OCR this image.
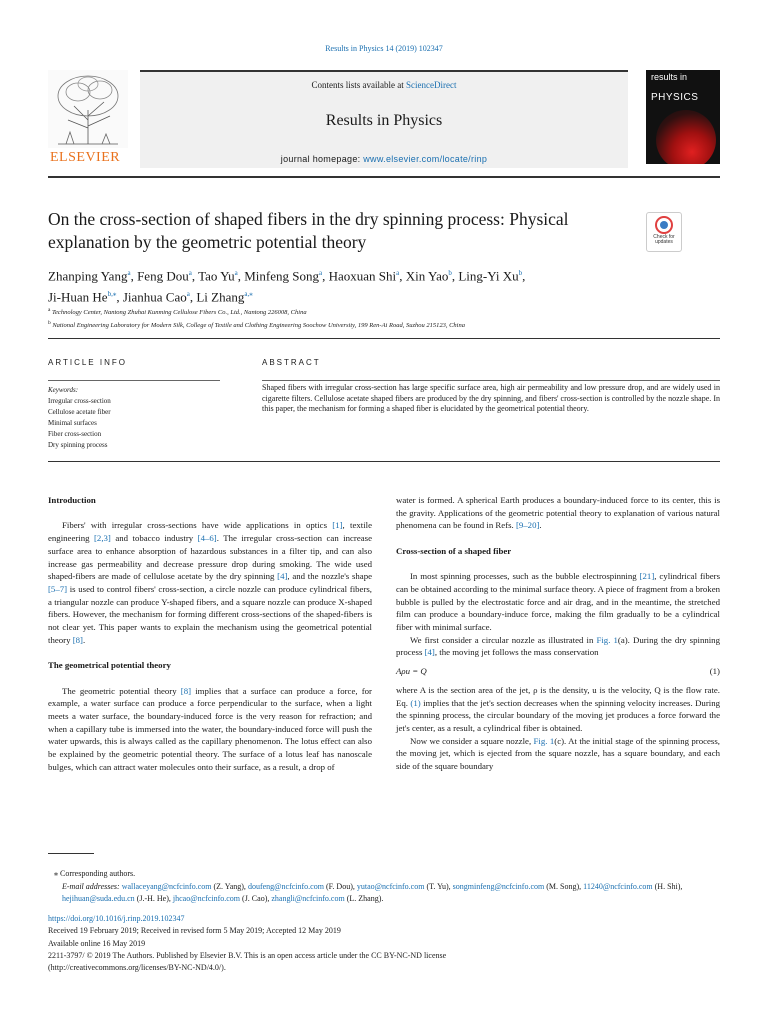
Results in Physics 14 (2019) 102347
ELSEVIER
Contents lists available at ScienceDirect
Results in Physics
journal homepage: www.elsevier.com/locate/rinp
results in
PHYSICS
On the cross-section of shaped fibers in the dry spinning process: Physical explanation by the geometric potential theory	Check for updates
Zhanping Yang$^a$, Feng Dou$^a$, Tao Yu$^a$, Minfeng Song$^a$, Haoxuan Shi$^a$, Xin Yao$^b$, Ling-Yi Xu$^b$,
Ji-Huan $He^{b,⁎}$, Jianhua Cao$^a$, Li Zhang$^{a,⁎}$
$^a$ Technology Center, Nantong Zhuhai Kunming Cellulose Fibers Co., Ltd., Nantong 226008, China
$^b$ National Engineering Laboratory for Modern Silk, College of Textile and Clothing Engineering Soochow University, 199 Ren-Ai Road, Suzhou 215123, China
ARTICLE INFO	ABSTRACT
Keywords:
Irregular cross-section
Cellulose acetate fiber
Minimal surfaces
Fiber cross-section
Dry spinning process
Shaped fibers with irregular cross-section has large specific surface area, high air permeability and low pressure drop, and are widely used in cigarette filters. Cellulose acetate shaped fibers are produced by the dry spinning, and fibers' cross-section is controlled by the nozzle shape. In this paper, the mechanism for forming a shaped fiber is elucidated by the geometrical potential theory.
Introduction

Fibers' with irregular cross-sections have wide applications in optics [1], textile engineering [2,3] and tobacco industry [4–6]. The irregular cross-section can increase surface area to enhance absorption of hazardous substances in a filter tip, and can also increase gas permeability and decrease pressure drop during smoking. The wide used shaped-fibers are made of cellulose acetate by the dry spinning [4], and the nozzle's shape [5–7] is used to control fibers' cross-section, a circle nozzle can produce cylindrical fibers, a triangular nozzle can produce Y-shaped fibers, and a square nozzle can produce X-shaped fibers. However, the mechanism for forming different cross-sections of the shaped-fibers is not clear yet. This paper wants to explain the mechanism using the geometrical potential theory [8].

The geometrical potential theory

The geometric potential theory [8] implies that a surface can produce a force, for example, a water surface can produce a force perpendicular to the surface, when a light meets a water surface, the boundary-induced force is the very reason for refraction; and when a capillary tube is immersed into the water, the boundary-induced force will push the water upwards, this is always called as the capillary phenomenon. The lotus effect can also be explained by the geometric potential theory. The surface of a lotus leaf has nanoscale bulges, which can attract water molecules onto their surface, as a result, a drop of

water is formed. A spherical Earth produces a boundary-induced force to its center, this is the gravity. Applications of the geometric potential theory to explanation of various natural phenomena can be found in Refs. [9–20].

Cross-section of a shaped fiber

In most spinning processes, such as the bubble electrospinning [21], cylindrical fibers can be obtained according to the minimal surface theory. A piece of fragment from a broken bubble is pulled by the electrostatic force and air drag, and in the meantime, the stretched film can produce a boundary-induce force, making the film gradually to be a cylindrical fiber with minimal surface.

We first consider a circular nozzle as illustrated in Fig. 1(a). During the dry spinning process [4], the moving jet follows the mass conservation

Aρu = Q	(1)

where A is the section area of the jet, ρ is the density, u is the velocity, Q is the flow rate. Eq. (1) implies that the jet's section decreases when the spinning velocity increases. During the spinning process, the circular boundary of the moving jet produces a force forward the jet's center, as a result, a cylindrical fiber is obtained.

Now we consider a square nozzle, Fig. 1(c). At the initial stage of the spinning process, the moving jet, which is ejected from the square nozzle, has a square boundary, and each side of the square boundary

⁎ Corresponding authors.
E-mail addresses: wallaceyang@ncfcinfo.com (Z. Yang), doufeng@ncfcinfo.com (F. Dou), yutao@ncfcinfo.com (T. Yu), songminfeng@ncfcinfo.com (M. Song), 11240@ncfcinfo.com (H. Shi), hejihuan@suda.edu.cn (J.-H. He), jhcao@ncfcinfo.com (J. Cao), zhangli@ncfcinfo.com (L. Zhang).
https://doi.org/10.1016/j.rinp.2019.102347
Received 19 February 2019; Received in revised form 5 May 2019; Accepted 12 May 2019
Available online 16 May 2019
2211-3797/ © 2019 The Authors. Published by Elsevier B.V. This is an open access article under the CC BY-NC-ND license
(http://creativecommons.org/licenses/BY-NC-ND/4.0/).
